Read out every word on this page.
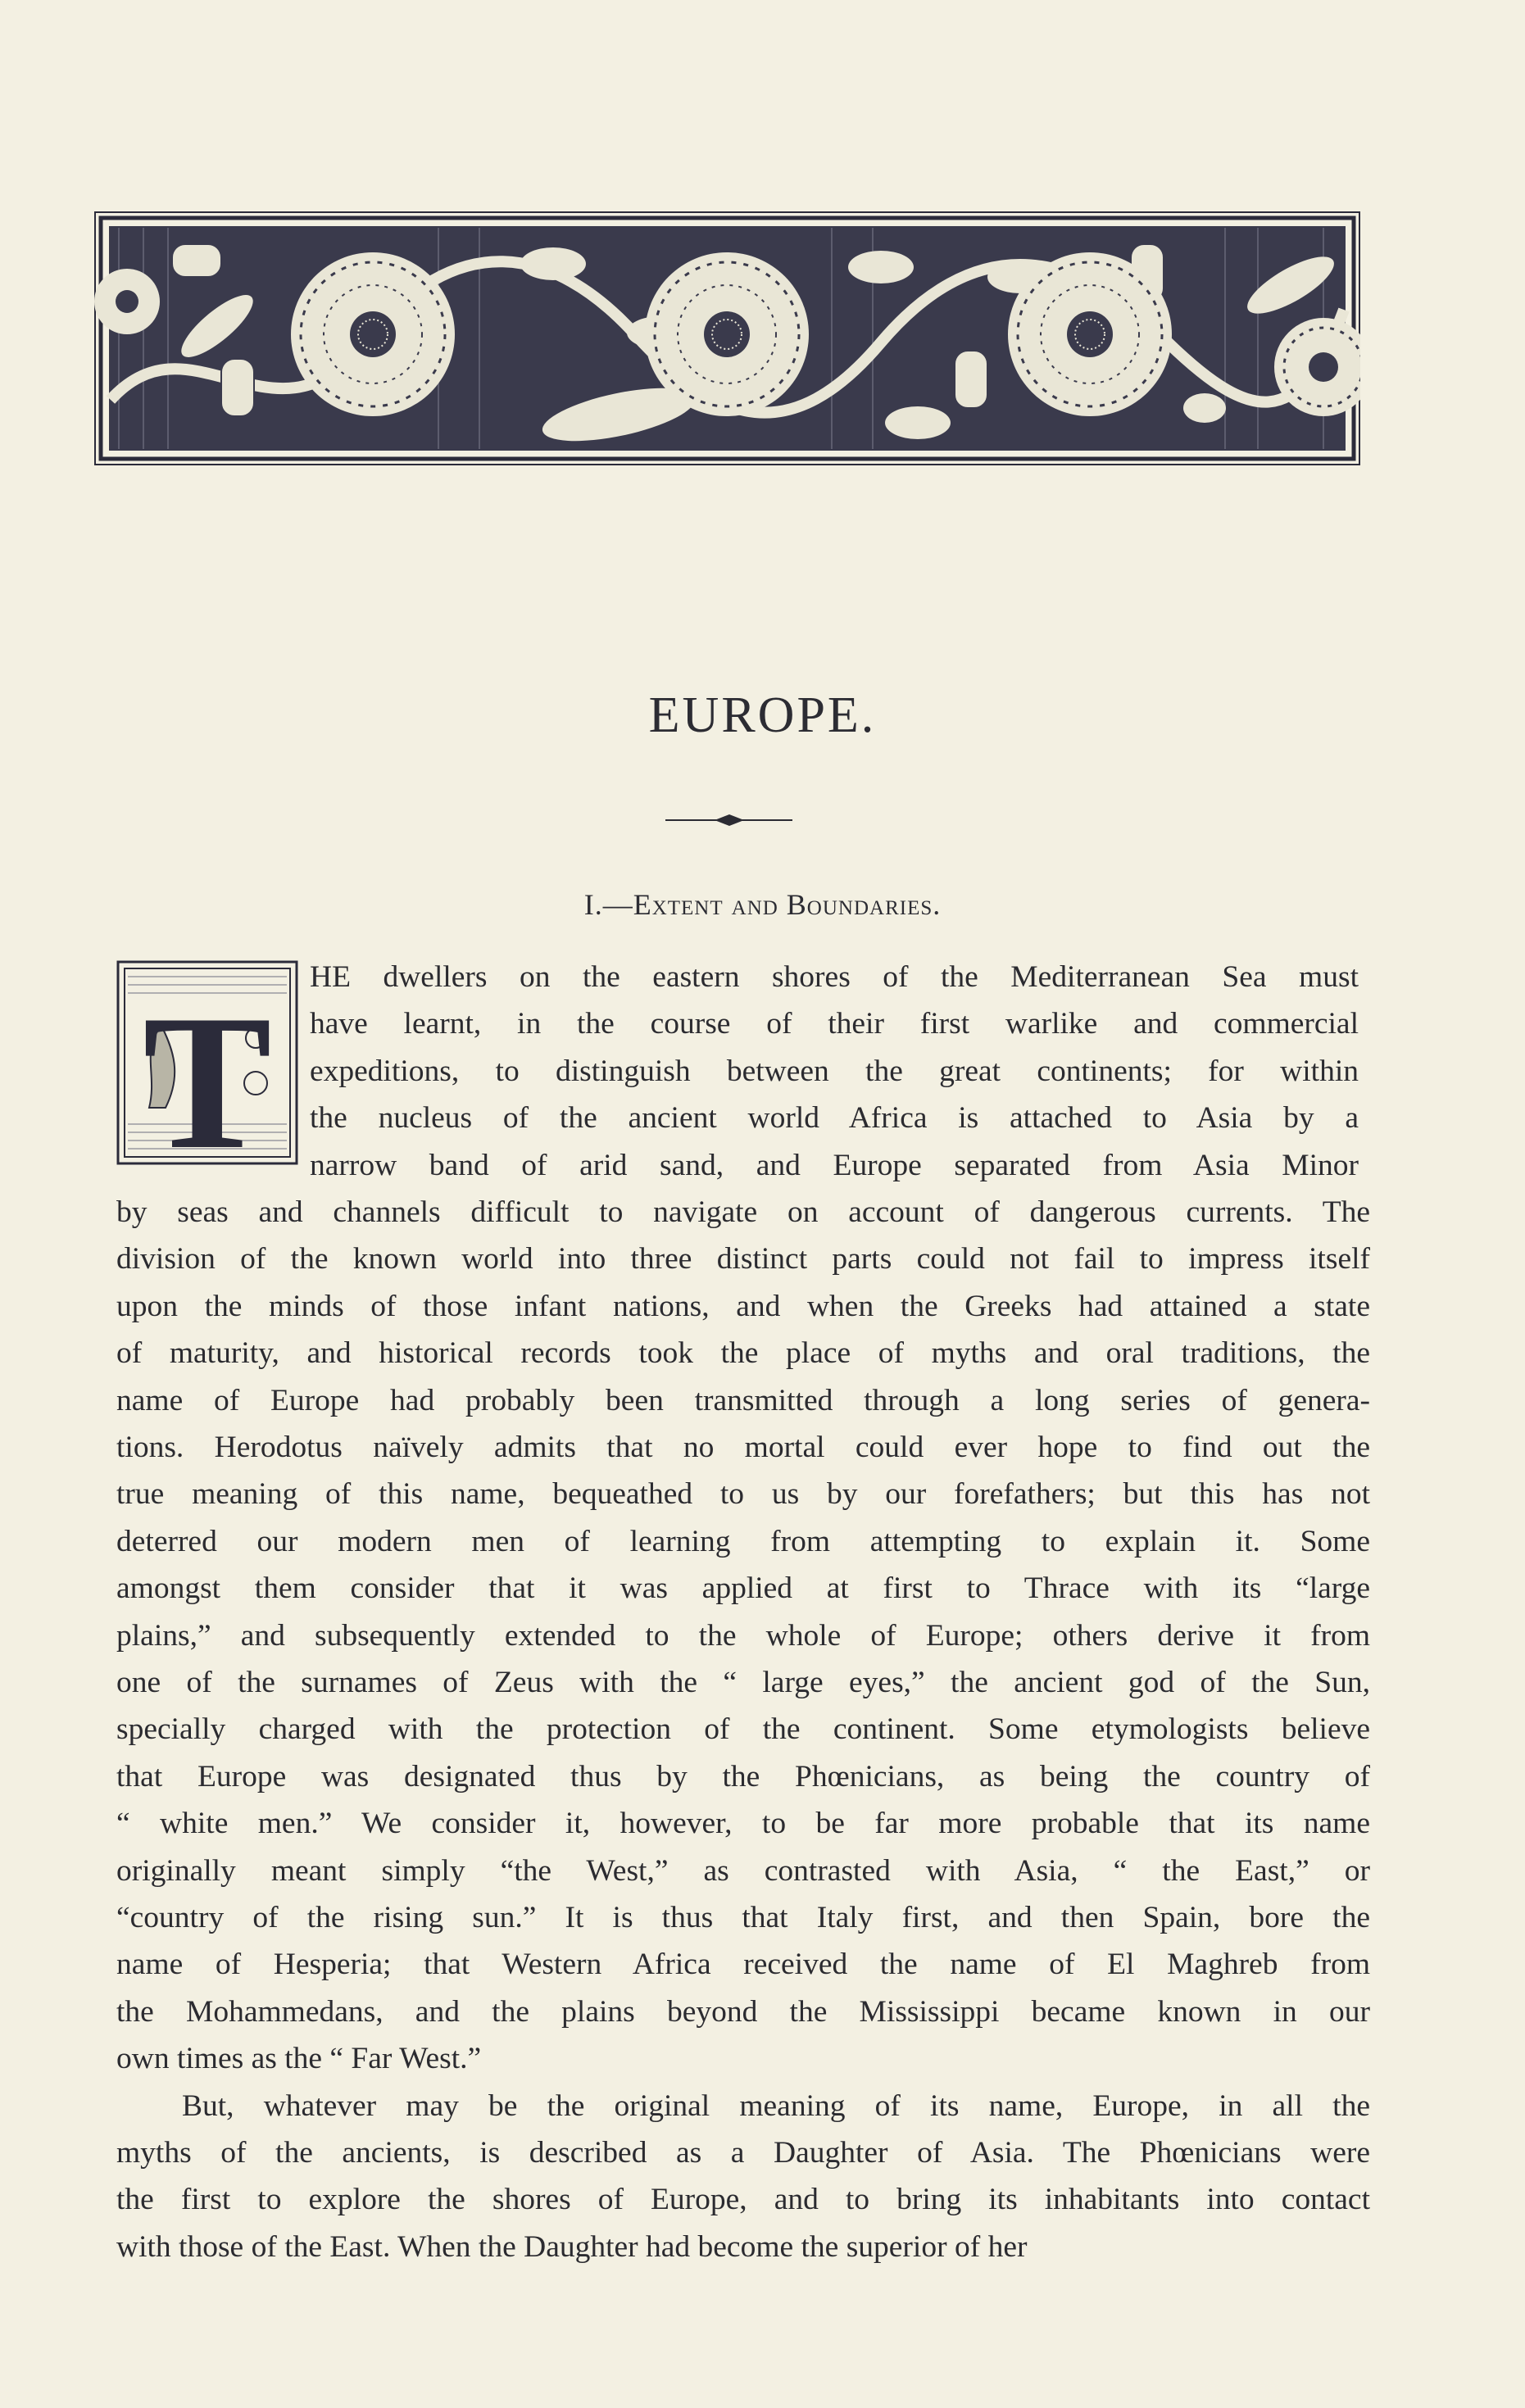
EUROPE.
I.—Extent and Boundaries.
T HE dwellers on the eastern shores of the Mediterranean Sea must
have learnt, in the course of their first warlike and commercial
expeditions, to distinguish between the great continents; for within
the nucleus of the ancient world Africa is attached to Asia by a
narrow band of arid sand, and Europe separated from Asia Minor
by seas and channels difficult to navigate on account of dangerous currents. The
division of the known world into three distinct parts could not fail to impress itself
upon the minds of those infant nations, and when the Greeks had attained a state
of maturity, and historical records took the place of myths and oral traditions, the
name of Europe had probably been transmitted through a long series of genera-
tions. Herodotus naïvely admits that no mortal could ever hope to find out the
true meaning of this name, bequeathed to us by our forefathers; but this has not
deterred our modern men of learning from attempting to explain it. Some
amongst them consider that it was applied at first to Thrace with its “large
plains,” and subsequently extended to the whole of Europe; others derive it from
one of the surnames of Zeus with the “ large eyes,” the ancient god of the Sun,
specially charged with the protection of the continent. Some etymologists believe
that Europe was designated thus by the Phœnicians, as being the country of
“ white men.” We consider it, however, to be far more probable that its name
originally meant simply “the West,” as contrasted with Asia, “ the East,” or
“country of the rising sun.” It is thus that Italy first, and then Spain, bore the
name of Hesperia; that Western Africa received the name of El Maghreb from
the Mohammedans, and the plains beyond the Mississippi became known in our
own times as the “ Far West.”
But, whatever may be the original meaning of its name, Europe, in all the
myths of the ancients, is described as a Daughter of Asia. The Phœnicians were
the first to explore the shores of Europe, and to bring its inhabitants into contact
with those of the East. When the Daughter had become the superior of her
